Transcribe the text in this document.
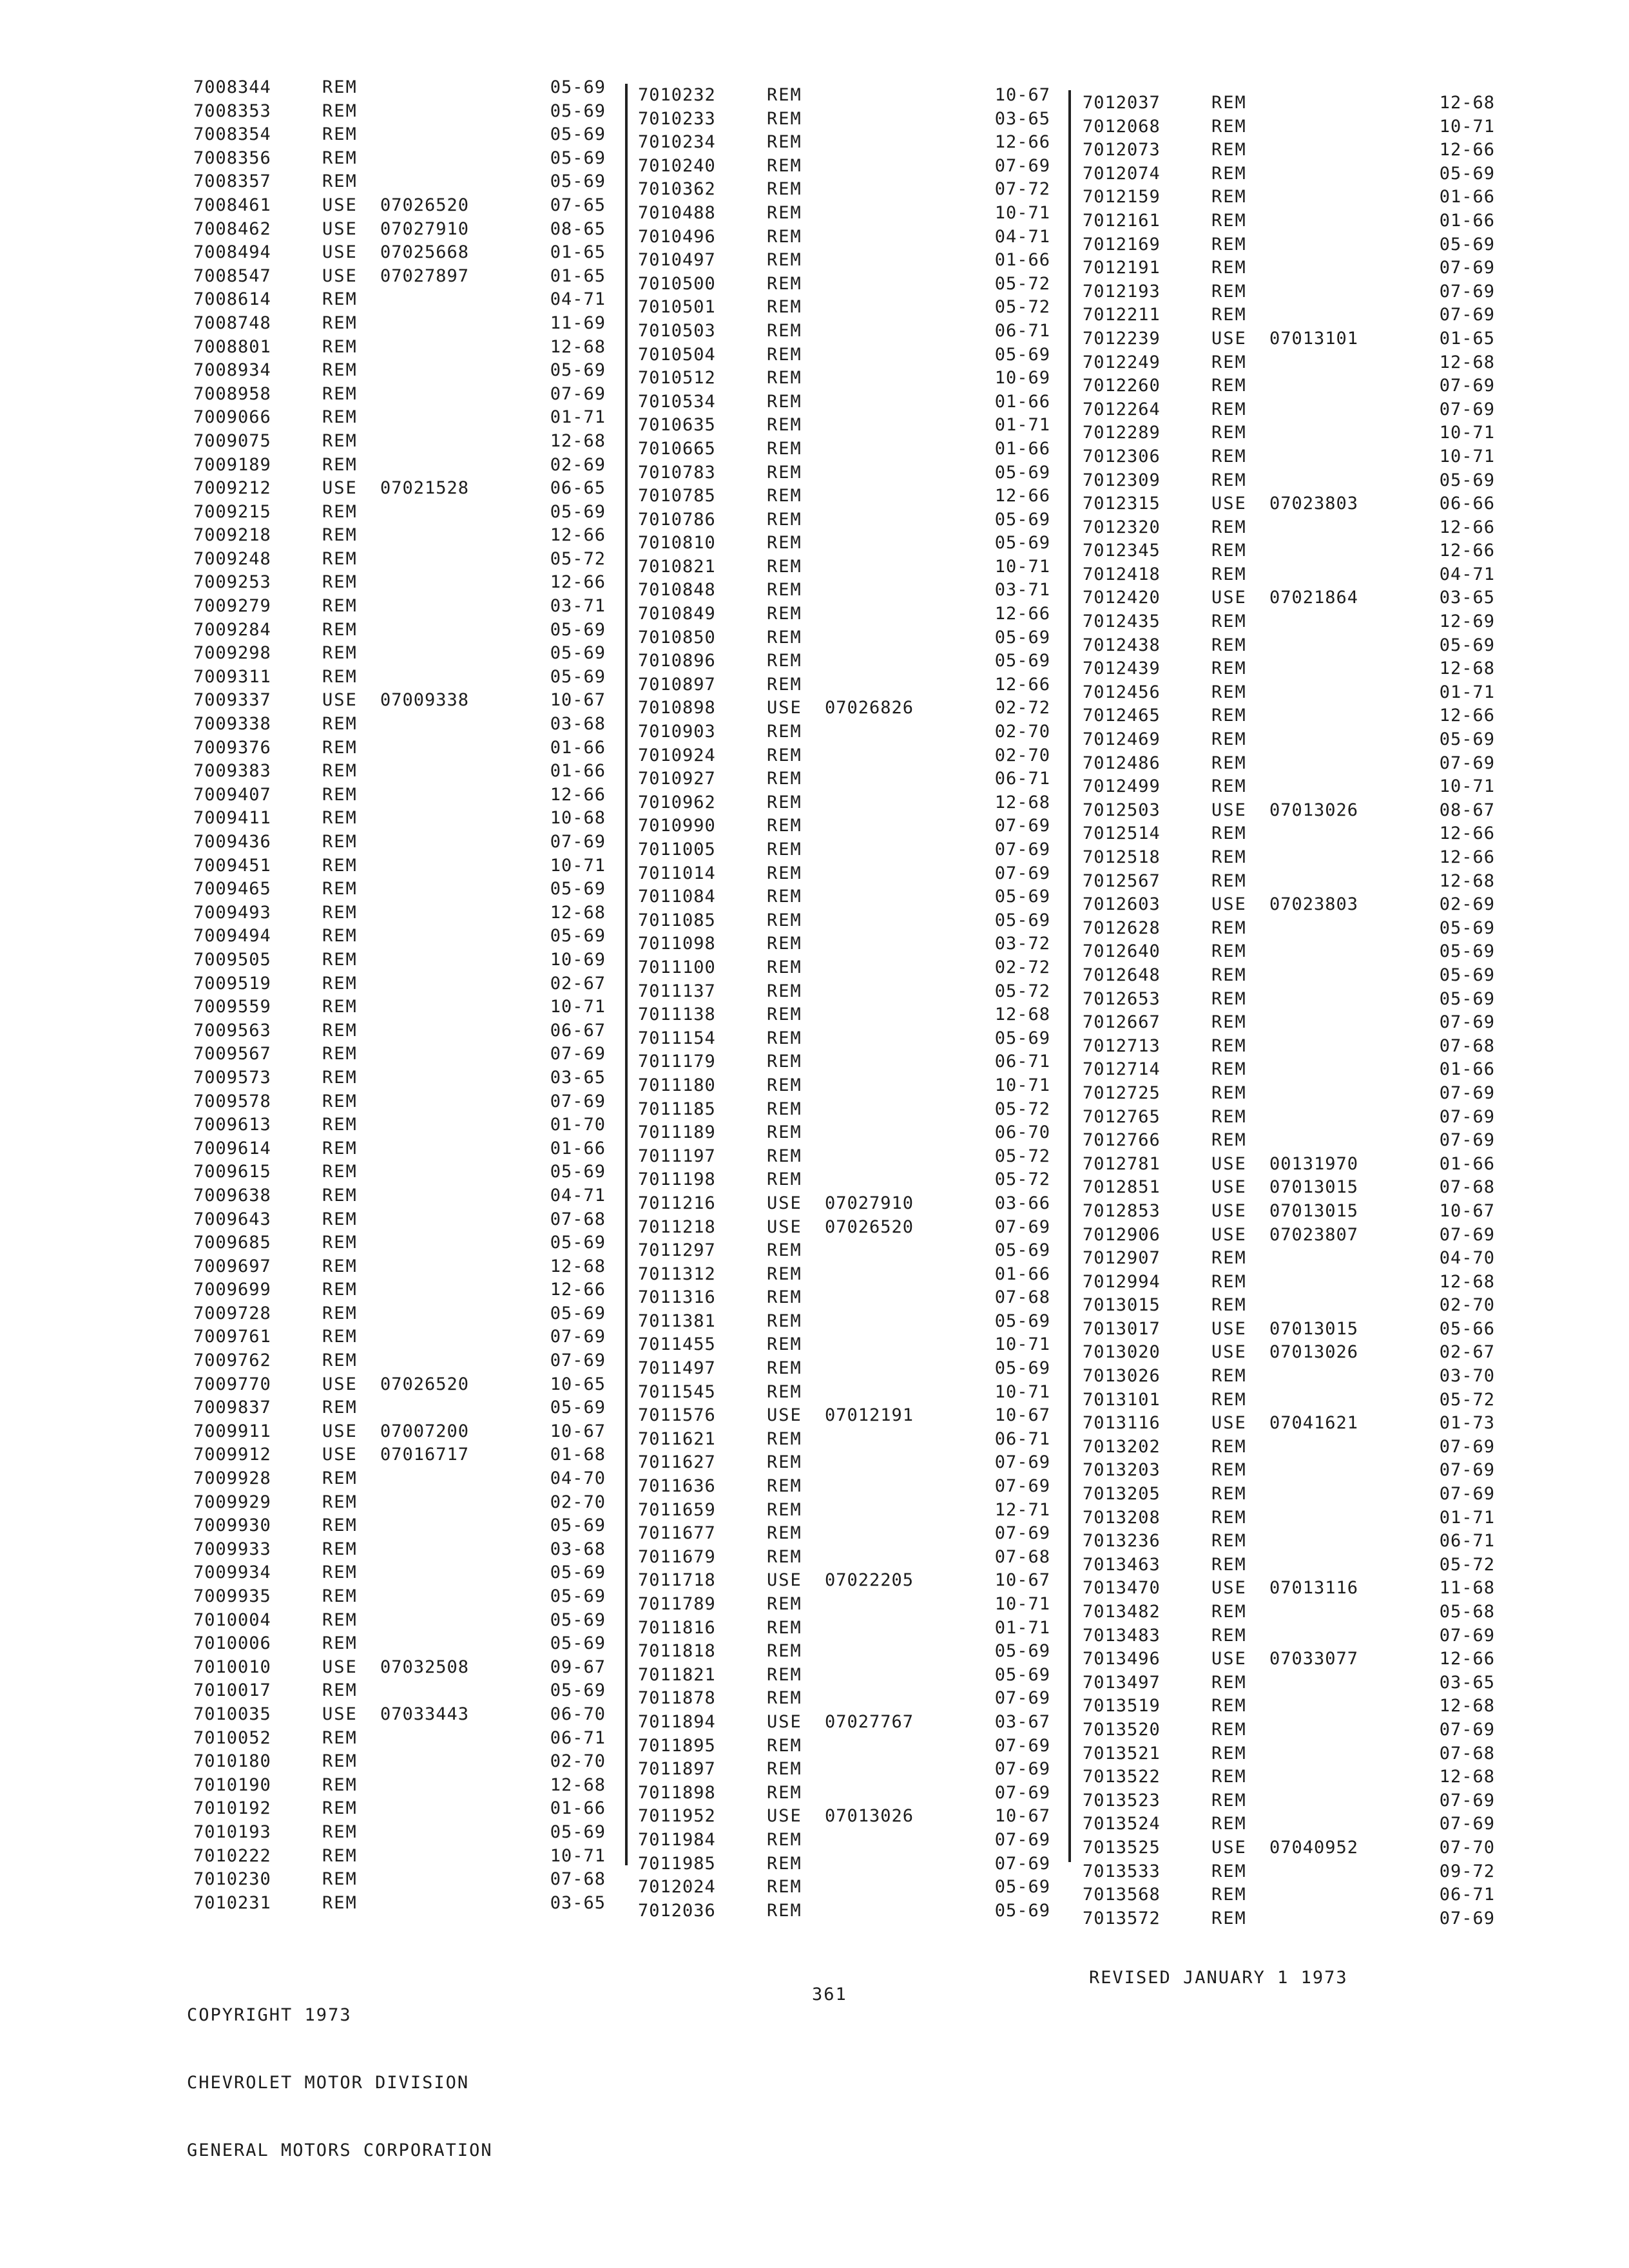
7008344	REM	05-69
7008353	REM	05-69
7008354	REM	05-69
7008356	REM	05-69
7008357	REM	05-69
7008461	USE 07026520	07-65
7008462	USE 07027910	08-65
7008494	USE 07025668	01-65
7008547	USE 07027897	01-65
7008614	REM	04-71
7008748	REM	11-69
7008801	REM	12-68
7008934	REM	05-69
7008958	REM	07-69
7009066	REM	01-71
7009075	REM	12-68
7009189	REM	02-69
7009212	USE 07021528	06-65
7009215	REM	05-69
7009218	REM	12-66
7009248	REM	05-72
7009253	REM	12-66
7009279	REM	03-71
7009284	REM	05-69
7009298	REM	05-69
7009311	REM	05-69
7009337	USE 07009338	10-67
7009338	REM	03-68
7009376	REM	01-66
7009383	REM	01-66
7009407	REM	12-66
7009411	REM	10-68
7009436	REM	07-69
7009451	REM	10-71
7009465	REM	05-69
7009493	REM	12-68
7009494	REM	05-69
7009505	REM	10-69
7009519	REM	02-67
7009559	REM	10-71
7009563	REM	06-67
7009567	REM	07-69
7009573	REM	03-65
7009578	REM	07-69
7009613	REM	01-70
7009614	REM	01-66
7009615	REM	05-69
7009638	REM	04-71
7009643	REM	07-68
7009685	REM	05-69
7009697	REM	12-68
7009699	REM	12-66
7009728	REM	05-69
7009761	REM	07-69
7009762	REM	07-69
7009770	USE 07026520	10-65
7009837	REM	05-69
7009911	USE 07007200	10-67
7009912	USE 07016717	01-68
7009928	REM	04-70
7009929	REM	02-70
7009930	REM	05-69
7009933	REM	03-68
7009934	REM	05-69
7009935	REM	05-69
7010004	REM	05-69
7010006	REM	05-69
7010010	USE 07032508	09-67
7010017	REM	05-69
7010035	USE 07033443	06-70
7010052	REM	06-71
7010180	REM	02-70
7010190	REM	12-68
7010192	REM	01-66
7010193	REM	05-69
7010222	REM	10-71
7010230	REM	07-68
7010231	REM	03-65
7010232	REM	10-67
7010233	REM	03-65
7010234	REM	12-66
7010240	REM	07-69
7010362	REM	07-72
7010488	REM	10-71
7010496	REM	04-71
7010497	REM	01-66
7010500	REM	05-72
7010501	REM	05-72
7010503	REM	06-71
7010504	REM	05-69
7010512	REM	10-69
7010534	REM	01-66
7010635	REM	01-71
7010665	REM	01-66
7010783	REM	05-69
7010785	REM	12-66
7010786	REM	05-69
7010810	REM	05-69
7010821	REM	10-71
7010848	REM	03-71
7010849	REM	12-66
7010850	REM	05-69
7010896	REM	05-69
7010897	REM	12-66
7010898	USE 07026826	02-72
7010903	REM	02-70
7010924	REM	02-70
7010927	REM	06-71
7010962	REM	12-68
7010990	REM	07-69
7011005	REM	07-69
7011014	REM	07-69
7011084	REM	05-69
7011085	REM	05-69
7011098	REM	03-72
7011100	REM	02-72
7011137	REM	05-72
7011138	REM	12-68
7011154	REM	05-69
7011179	REM	06-71
7011180	REM	10-71
7011185	REM	05-72
7011189	REM	06-70
7011197	REM	05-72
7011198	REM	05-72
7011216	USE 07027910	03-66
7011218	USE 07026520	07-69
7011297	REM	05-69
7011312	REM	01-66
7011316	REM	07-68
7011381	REM	05-69
7011455	REM	10-71
7011497	REM	05-69
7011545	REM	10-71
7011576	USE 07012191	10-67
7011621	REM	06-71
7011627	REM	07-69
7011636	REM	07-69
7011659	REM	12-71
7011677	REM	07-69
7011679	REM	07-68
7011718	USE 07022205	10-67
7011789	REM	10-71
7011816	REM	01-71
7011818	REM	05-69
7011821	REM	05-69
7011878	REM	07-69
7011894	USE 07027767	03-67
7011895	REM	07-69
7011897	REM	07-69
7011898	REM	07-69
7011952	USE 07013026	10-67
7011984	REM	07-69
7011985	REM	07-69
7012024	REM	05-69
7012036	REM	05-69
7012037	REM	12-68
7012068	REM	10-71
7012073	REM	12-66
7012074	REM	05-69
7012159	REM	01-66
7012161	REM	01-66
7012169	REM	05-69
7012191	REM	07-69
7012193	REM	07-69
7012211	REM	07-69
7012239	USE 07013101	01-65
7012249	REM	12-68
7012260	REM	07-69
7012264	REM	07-69
7012289	REM	10-71
7012306	REM	10-71
7012309	REM	05-69
7012315	USE 07023803	06-66
7012320	REM	12-66
7012345	REM	12-66
7012418	REM	04-71
7012420	USE 07021864	03-65
7012435	REM	12-69
7012438	REM	05-69
7012439	REM	12-68
7012456	REM	01-71
7012465	REM	12-66
7012469	REM	05-69
7012486	REM	07-69
7012499	REM	10-71
7012503	USE 07013026	08-67
7012514	REM	12-66
7012518	REM	12-66
7012567	REM	12-68
7012603	USE 07023803	02-69
7012628	REM	05-69
7012640	REM	05-69
7012648	REM	05-69
7012653	REM	05-69
7012667	REM	07-69
7012713	REM	07-68
7012714	REM	01-66
7012725	REM	07-69
7012765	REM	07-69
7012766	REM	07-69
7012781	USE 00131970	01-66
7012851	USE 07013015	07-68
7012853	USE 07013015	10-67
7012906	USE 07023807	07-69
7012907	REM	04-70
7012994	REM	12-68
7013015	REM	02-70
7013017	USE 07013015	05-66
7013020	USE 07013026	02-67
7013026	REM	03-70
7013101	REM	05-72
7013116	USE 07041621	01-73
7013202	REM	07-69
7013203	REM	07-69
7013205	REM	07-69
7013208	REM	01-71
7013236	REM	06-71
7013463	REM	05-72
7013470	USE 07013116	11-68
7013482	REM	05-68
7013483	REM	07-69
7013496	USE 07033077	12-66
7013497	REM	03-65
7013519	REM	12-68
7013520	REM	07-69
7013521	REM	07-68
7013522	REM	12-68
7013523	REM	07-69
7013524	REM	07-69
7013525	USE 07040952	07-70
7013533	REM	09-72
7013568	REM	06-71
7013572	REM	07-69

COPYRIGHT 1973

CHEVROLET MOTOR DIVISION

GENERAL MOTORS CORPORATION

361
REVISED JANUARY 1 1973
